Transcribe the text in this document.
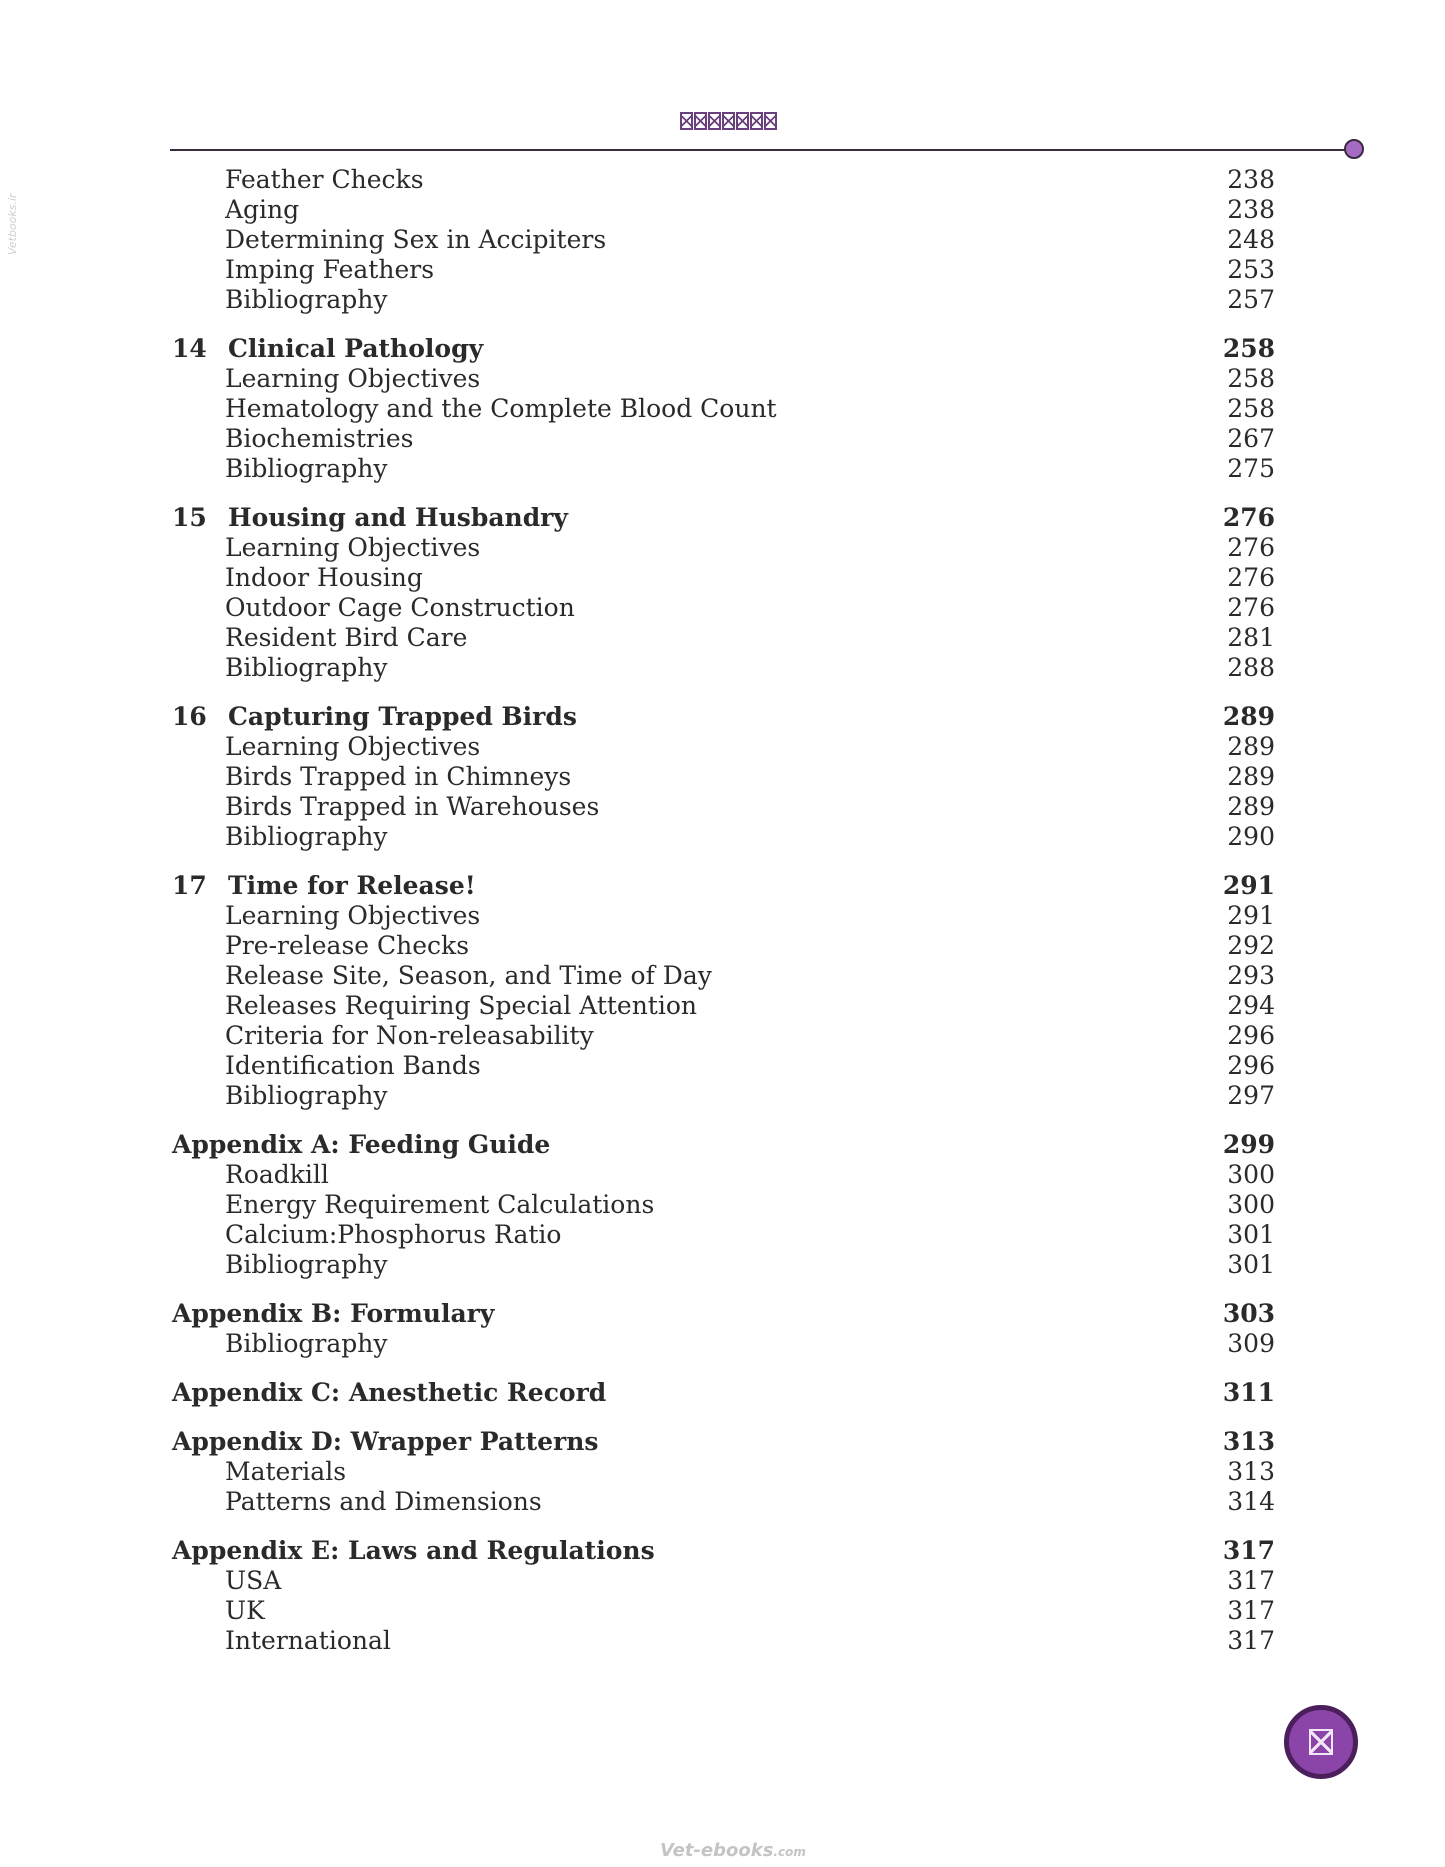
Vetbooks.ir
Feather Checks	238
Aging	238
Determining Sex in Accipiters	248
Imping Feathers	253
Bibliography	257
14 Clinical Pathology	258
Learning Objectives	258
Hematology and the Complete Blood Count	258
Biochemistries	267
Bibliography	275
15 Housing and Husbandry	276
Learning Objectives	276
Indoor Housing	276
Outdoor Cage Construction	276
Resident Bird Care	281
Bibliography	288
16 Capturing Trapped Birds	289
Learning Objectives	289
Birds Trapped in Chimneys	289
Birds Trapped in Warehouses	289
Bibliography	290
17 Time for Release!	291
Learning Objectives	291
Pre-release Checks	292
Release Site, Season, and Time of Day	293
Releases Requiring Special Attention	294
Criteria for Non-releasability	296
Identification Bands	296
Bibliography	297
Appendix A: Feeding Guide	299
Roadkill	300
Energy Requirement Calculations	300
Calcium:Phosphorus Ratio	301
Bibliography	301
Appendix B: Formulary	303
Bibliography	309
Appendix C: Anesthetic Record	311
Appendix D: Wrapper Patterns	313
Materials	313
Patterns and Dimensions	314
Appendix E: Laws and Regulations	317
USA	317
UK	317
International	317
Vet-ebooks.com
